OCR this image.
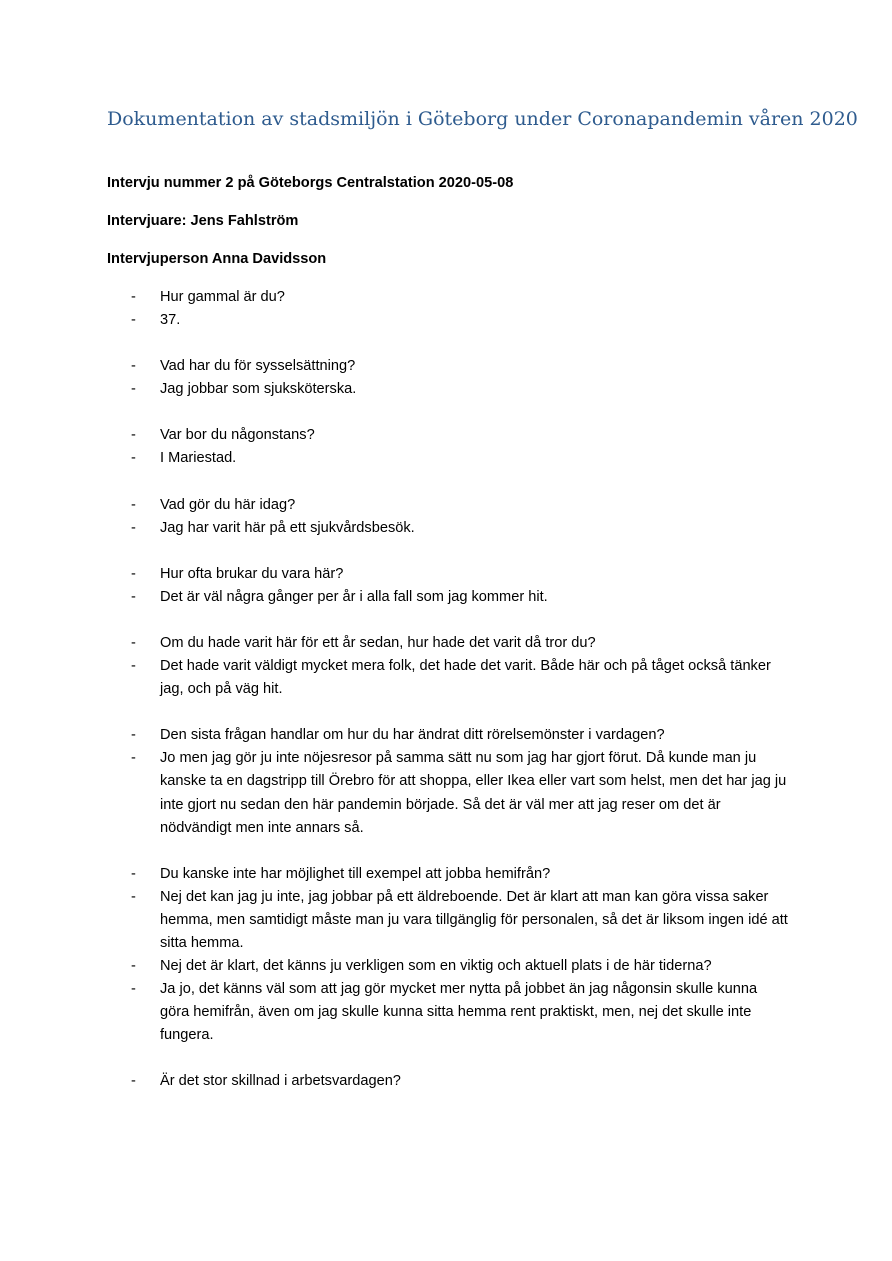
Dokumentation av stadsmiljön i Göteborg under Coronapandemin våren 2020

Intervju nummer 2 på Göteborgs Centralstation 2020-05-08

Intervjuare: Jens Fahlström

Intervjuperson Anna Davidsson

-	Hur gammal är du?
-	37.
-	Vad har du för sysselsättning?
-	Jag jobbar som sjuksköterska.
-	Var bor du någonstans?
-	I Mariestad.
-	Vad gör du här idag?
-	Jag har varit här på ett sjukvårdsbesök.
-	Hur ofta brukar du vara här?
-	Det är väl några gånger per år i alla fall som jag kommer hit.
-	Om du hade varit här för ett år sedan, hur hade det varit då tror du?
-	Det hade varit väldigt mycket mera folk, det hade det varit. Både här och på tåget också tänker jag, och på väg hit.
-	Den sista frågan handlar om hur du har ändrat ditt rörelsemönster i vardagen?
-	Jo men jag gör ju inte nöjesresor på samma sätt nu som jag har gjort förut. Då kunde man ju kanske ta en dagstripp till Örebro för att shoppa, eller Ikea eller vart som helst, men det har jag ju inte gjort nu sedan den här pandemin började. Så det är väl mer att jag reser om det är nödvändigt men inte annars så.
-	Du kanske inte har möjlighet till exempel att jobba hemifrån?
-	Nej det kan jag ju inte, jag jobbar på ett äldreboende. Det är klart att man kan göra vissa saker hemma, men samtidigt måste man ju vara tillgänglig för personalen, så det är liksom ingen idé att sitta hemma.
-	Nej det är klart, det känns ju verkligen som en viktig och aktuell plats i de här tiderna?
-	Ja jo, det känns väl som att jag gör mycket mer nytta på jobbet än jag någonsin skulle kunna göra hemifrån, även om jag skulle kunna sitta hemma rent praktiskt, men, nej det skulle inte fungera.
-	Är det stor skillnad i arbetsvardagen?
